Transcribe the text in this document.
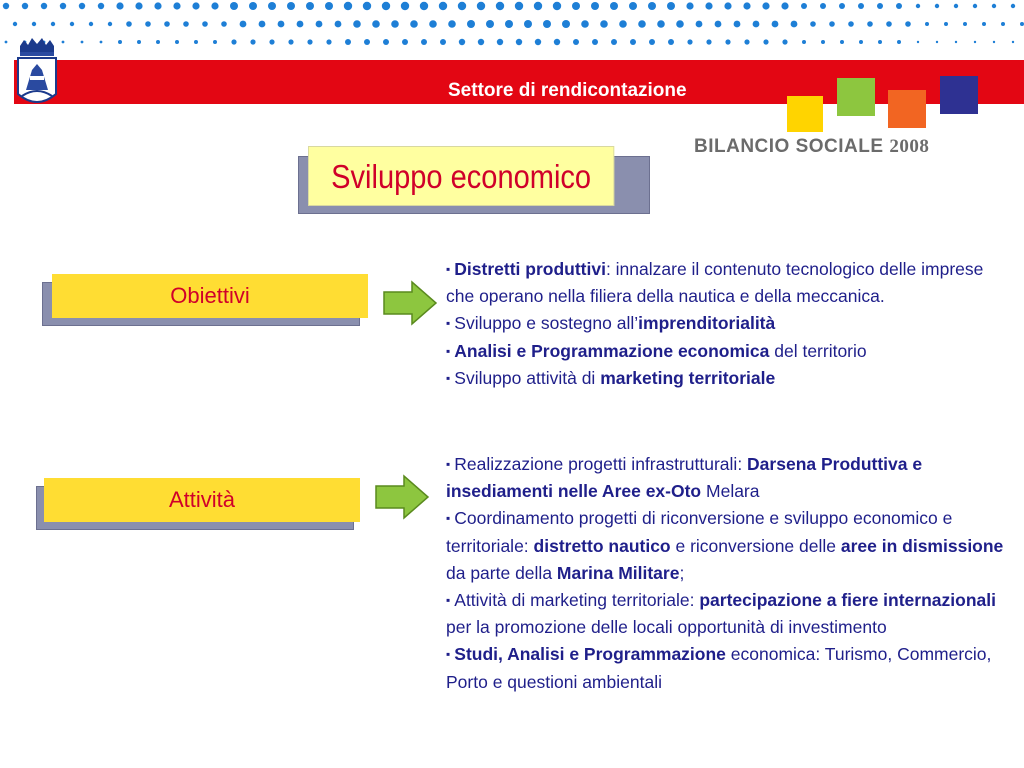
Settore di rendicontazione
BILANCIO SOCIALE 2008
Sviluppo economico
Obiettivi
▪ Distretti produttivi: innalzare il contenuto tecnologico delle imprese che operano nella filiera della nautica e della meccanica.
▪ Sviluppo e sostegno all’imprenditorialità
▪ Analisi e Programmazione economica del territorio
▪ Sviluppo attività di marketing territoriale
Attività
▪ Realizzazione progetti infrastrutturali: Darsena Produttiva e insediamenti nelle Aree ex-Oto Melara
▪ Coordinamento progetti di riconversione e sviluppo economico e territoriale: distretto nautico e riconversione delle aree in dismissione da parte della Marina Militare;
▪ Attività di marketing territoriale: partecipazione a fiere internazionali per la promozione delle locali opportunità di investimento
▪ Studi, Analisi e Programmazione economica: Turismo, Commercio, Porto e questioni ambientali
